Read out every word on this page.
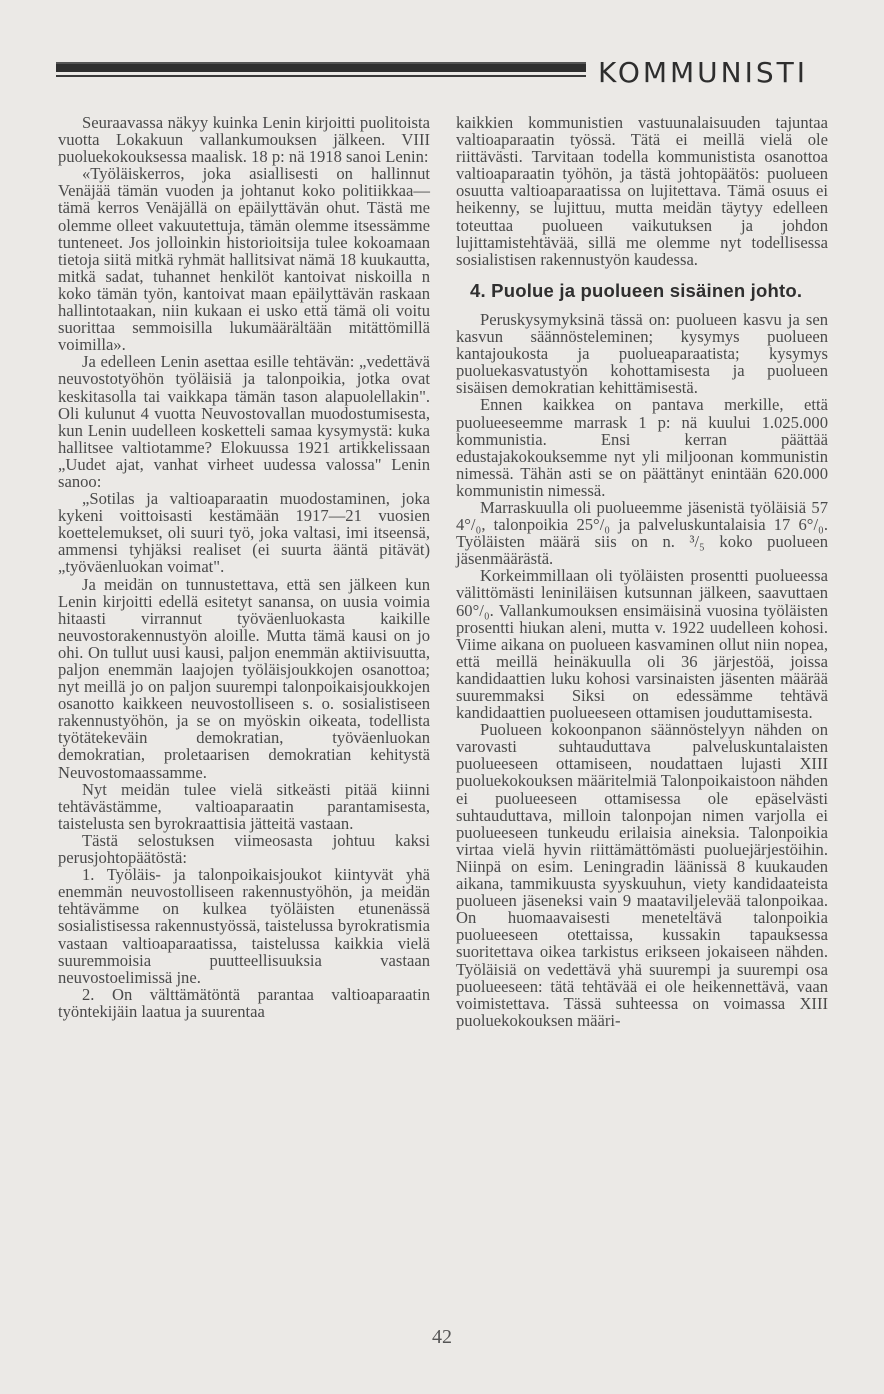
KOMMUNISTI

Seuraavassa näkyy kuinka Lenin kirjoitti puolitoista vuotta Lokakuun vallankumouksen jälkeen. VIII puoluekokouksessa maalisk. 18 p: nä 1918 sanoi Lenin:

«Työläiskerros, joka asiallisesti on hallinnut Venäjää tämän vuoden ja johtanut koko politiikkaa—tämä kerros Venäjällä on epäilyttävän ohut. Tästä me olemme olleet vakuutettuja, tämän olemme itsessämme tunteneet. Jos jolloinkin historioitsija tulee kokoamaan tietoja siitä mitkä ryhmät hallitsivat nämä 18 kuukautta, mitkä sadat, tuhannet henkilöt kantoivat niskoilla n koko tämän työn, kantoivat maan epäilyttävän raskaan hallintotaakan, niin kukaan ei usko että tämä oli voitu suorittaa semmoisilla lukumäärältään mitättömillä voimilla».

Ja edelleen Lenin asettaa esille tehtävän: „vedettävä neuvostotyöhön työläisiä ja talonpoikia, jotka ovat keskitasolla tai vaikkapa tämän tason alapuolellakin". Oli kulunut 4 vuotta Neuvostovallan muodostumisesta, kun Lenin uudelleen kosketteli samaa kysymystä: kuka hallitsee valtiotamme? Elokuussa 1921 artikkelissaan „Uudet ajat, vanhat virheet uudessa valossa" Lenin sanoo:

„Sotilas ja valtioaparaatin muodostaminen, joka kykeni voittoisasti kestämään 1917—21 vuosien koettelemukset, oli suuri työ, joka valtasi, imi itseensä, ammensi tyhjäksi realiset (ei suurta ääntä pitävät) „työväenluokan voimat".

Ja meidän on tunnustettava, että sen jälkeen kun Lenin kirjoitti edellä esitetyt sanansa, on uusia voimia hitaasti virrannut työväenluokasta kaikille neuvostorakennustyön aloille. Mutta tämä kausi on jo ohi. On tullut uusi kausi, paljon enemmän aktiivisuutta, paljon enemmän laajojen työläisjoukkojen osanottoa; nyt meillä jo on paljon suurempi talonpoikaisjoukkojen osanotto kaikkeen neuvostolliseen s. o. sosialistiseen rakennustyöhön, ja se on myöskin oikeata, todellista työtätekeväin demokratian, työväenluokan demokratian, proletaarisen demokratian kehitystä Neuvostomaassamme.

Nyt meidän tulee vielä sitkeästi pitää kiinni tehtävästämme, valtioaparaatin parantamisesta, taistelusta sen byrokraattisia jätteitä vastaan.

Tästä selostuksen viimeosasta johtuu kaksi perusjohtopäätöstä:

1. Työläis- ja talonpoikaisjoukot kiintyvät yhä enemmän neuvostolliseen rakennustyöhön, ja meidän tehtävämme on kulkea työläisten etunenässä sosialistisessa rakennustyössä, taistelussa byrokratismia vastaan valtioaparaatissa, taistelussa kaikkia vielä suuremmoisia puutteellisuuksia vastaan neuvostoelimissä jne.

2. On välttämätöntä parantaa valtioaparaatin työntekijäin laatua ja suurentaa

kaikkien kommunistien vastuunalaisuuden tajuntaa valtioaparaatin työssä. Tätä ei meillä vielä ole riittävästi. Tarvitaan todella kommunistista osanottoa valtioaparaatin työhön, ja tästä johtopäätös: puolueen osuutta valtioaparaatissa on lujitettava. Tämä osuus ei heikenny, se lujittuu, mutta meidän täytyy edelleen toteuttaa puolueen vaikutuksen ja johdon lujittamistehtävää, sillä me olemme nyt todellisessa sosialistisen rakennustyön kaudessa.

4. Puolue ja puolueen sisäinen johto.

Peruskysymyksinä tässä on: puolueen kasvu ja sen kasvun säännösteleminen; kysymys puolueen kantajoukosta ja puolueaparaatista; kysymys puoluekasvatustyön kohottamisesta ja puolueen sisäisen demokratian kehittämisestä.

Ennen kaikkea on pantava merkille, että puolueeseemme marrask 1 p: nä kuului 1.025.000 kommunistia. Ensi kerran päättää edustajakokouksemme nyt yli miljoonan kommunistin nimessä. Tähän asti se on päättänyt enintään 620.000 kommunistin nimessä.

Marraskuulla oli puolueemme jäsenistä työläisiä 57 4°/₀, talonpoikia 25°/₀ ja palveluskuntalaisia 17 6°/₀. Työläisten määrä siis on n. ³/₅ koko puolueen jäsenmäärästä.

Korkeimmillaan oli työläisten prosentti puolueessa välittömästi leniniläisen kutsunnan jälkeen, saavuttaen 60°/₀. Vallankumouksen ensimäisinä vuosina työläisten prosentti hiukan aleni, mutta v. 1922 uudelleen kohosi. Viime aikana on puolueen kasvaminen ollut niin nopea, että meillä heinäkuulla oli 36 järjestöä, joissa kandidaattien luku kohosi varsinaisten jäsenten määrää suuremmaksi Siksi on edessämme tehtävä kandidaattien puolueeseen ottamisen jouduttamisesta.

Puolueen kokoonpanon säännöstelyyn nähden on varovasti suhtauduttava palveluskuntalaisten puolueeseen ottamiseen, noudattaen lujasti XIII puoluekokouksen määritelmiä Talonpoikaistoon nähden ei puolueeseen ottamisessa ole epäselvästi suhtauduttava, milloin talonpojan nimen varjolla ei puolueeseen tunkeudu erilaisia aineksia. Talonpoikia virtaa vielä hyvin riittämättömästi puoluejärjestöihin. Niinpä on esim. Leningradin läänissä 8 kuukauden aikana, tammikuusta syyskuuhun, viety kandidaateista puolueen jäseneksi vain 9 maataviljelevää talonpoikaa. On huomaavaisesti meneteltävä talonpoikia puolueeseen otettaissa, kussakin tapauksessa suoritettava oikea tarkistus erikseen jokaiseen nähden. Työläisiä on vedettävä yhä suurempi ja suurempi osa puolueeseen: tätä tehtävää ei ole heikennettävä, vaan voimistettava. Tässä suhteessa on voimassa XIII puoluekokouksen määri-

42
